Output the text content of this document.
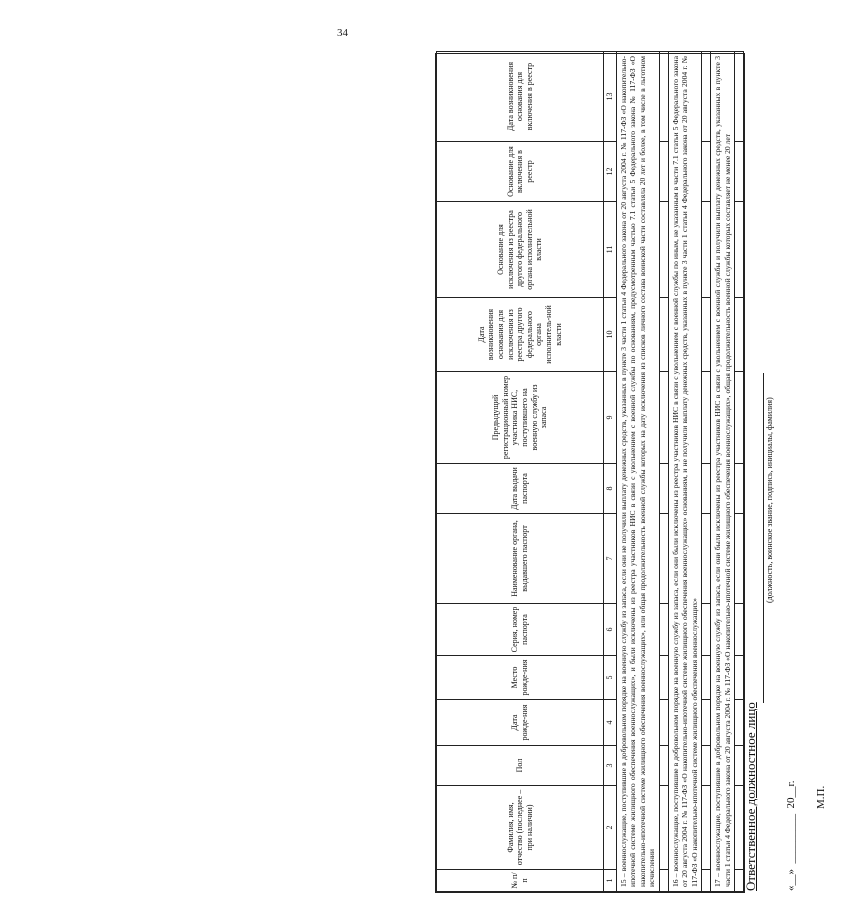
34
№ п/п	Фамилия, имя, отчество (последнее – при наличии)	Пол	Дата рожде-ния	Место рожде-ния	Серия, номер паспорта	Наименование органа, выдавшего паспорт	Дата выдачи паспорта	Предыдущий регистрационный номер участника НИС, поступившего на военную службу из запаса	Дата возникновения основания для исключения из реестра другого федерального органа исполнитель-ной власти	Основание для исключения из реестра другого федерального органа исполнительной власти	Основание для включения в реестр	Дата возникновения основания для включения в реестр
1	2	3	4	5	6	7	8	9	10	11	12	13
15 – военнослужащие, поступившие в добровольном порядке на военную службу из запаса, если они не получили выплату денежных средств, указанных в пункте 3 части 1 статьи 4 Федерального закона от 20 августа 2004 г. № 117-ФЗ «О накопительно-ипотечной системе жилищного обеспечения военнослужащих», и были исключены из реестра участников НИС в связи с увольнением с военной службы по основаниям, предусмотренным частью 7.1 статьи 5 Федерального закона № 117-ФЗ «О накопительно-ипотечной системе жилищного обеспечения военнослужащих», или общая продолжительность военной службы которых на дату исключения из списков личного состава воинской части составляла 20 лет и более, в том числе в льготном исчислении												

16 – военнослужащие, поступившие в добровольном порядке на военную службу из запаса, если они были исключены из реестра участников НИС в связи с увольнением с военной службы по иным, не указанным в части 7.1 статьи 5 Федерального закона от 20 августа 2004 г. № 117-ФЗ «О накопительно-ипотечной системе жилищного обеспечения военнослужащих» основаниям, и не получили выплату денежных средств, указанных в пункте 3 части 1 статьи 4 Федерального закона от 20 августа 2004 г. № 117-ФЗ «О накопительно-ипотечной системе жилищного обеспечения военнослужащих»												

17 – военнослужащие, поступившие в добровольном порядке на военную службу из запаса, если они были исключены из реестра участников НИС в связи с увольнением с военной службы и получили выплату денежных средств, указанных в пункте 3 части 1 статьи 4 Федерального закона от 20 августа 2004 г. № 117-ФЗ «О накопительно-ипотечной системе жилищного обеспечения военнослужащих», общая продолжительность военной службы которых составляет не менее 20 лет												
												Ответственное должностное лицо
(должность, воинское звание, подпись, инициалы, фамилия)
«__»  _________  20__г. М.П.
